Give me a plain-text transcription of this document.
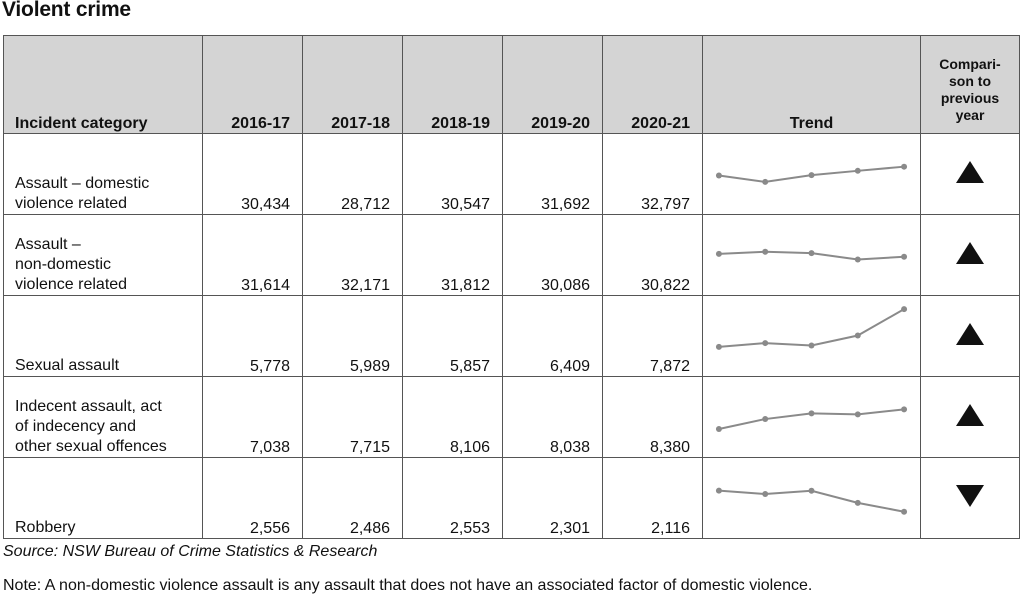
Violent crime
Incident category	2016-17	2017-18	2018-19	2019-20	2020-21	Trend	Compari-
son to
previous
year
Assault – domestic
violence related	30,434	28,712	30,547	31,692	32,797	

Assault –
non-domestic
violence related	31,614	32,171	31,812	30,086	30,822	

Sexual assault	5,778	5,989	5,857	6,409	7,872	

Indecent assault, act
of indecency and
other sexual offences	7,038	7,715	8,106	8,038	8,380	

Robbery	2,556	2,486	2,553	2,301	2,116	

Source: NSW Bureau of Crime Statistics & Research
Note: A non-domestic violence assault is any assault that does not have an associated factor of domestic violence.
